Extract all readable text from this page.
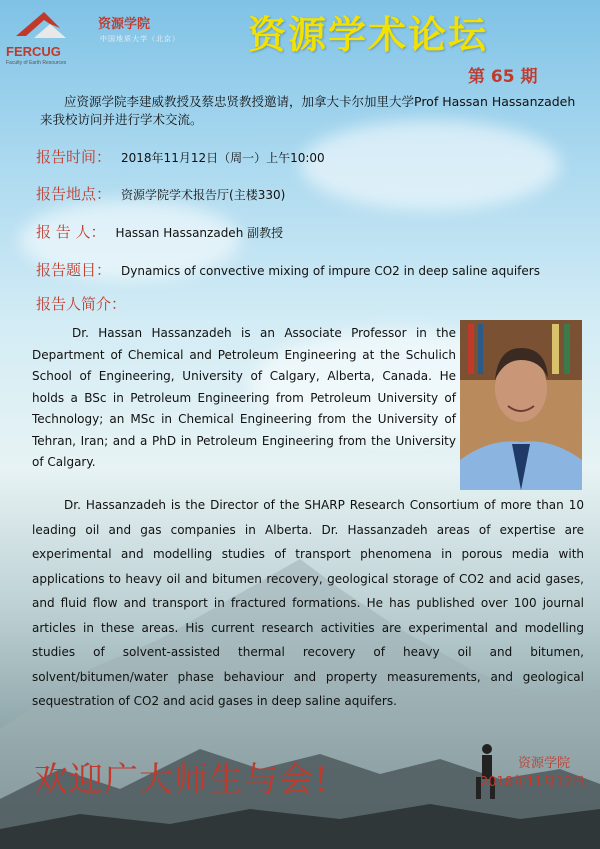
FERCUG
Faculty of Earth Resources
资源学院
中国地质大学（北京） 资源学术论坛
第 65 期
应资源学院李建威教授及蔡忠贤教授邀请，加拿大卡尔加里大学Prof Hassan Hassanzadeh 来我校访问并进行学术交流。
报告时间： 2018年11月12日（周一）上午10:00
报告地点： 资源学院学术报告厅(主楼330)
报 告 人： Hassan Hassanzadeh 副教授
报告题目： Dynamics of convective mixing of impure CO2 in deep saline aquifers
报告人简介：
Dr. Hassan Hassanzadeh is an Associate Professor in the Department of Chemical and Petroleum Engineering at the Schulich School of Engineering, University of Calgary, Alberta, Canada. He holds a BSc in Petroleum Engineering from Petroleum University of Technology; an MSc in Chemical Engineering from the University of Tehran, Iran; and a PhD in Petroleum Engineering from the University of Calgary.
Dr. Hassanzadeh is the Director of the SHARP Research Consortium of more than 10 leading oil and gas companies in Alberta. Dr. Hassanzadeh areas of expertise are experimental and modelling studies of transport phenomena in porous media with applications to heavy oil and bitumen recovery, geological storage of CO2 and acid gases, and fluid flow and transport in fractured formations. He has published over 100 journal articles in these areas. His current research activities are experimental and modelling studies of solvent-assisted thermal recovery of heavy oil and bitumen, solvent/bitumen/water phase behaviour and property measurements, and geological sequestration of CO2 and acid gases in deep saline aquifers.
欢迎广大师生与会!	资源学院
2018年11月12日
